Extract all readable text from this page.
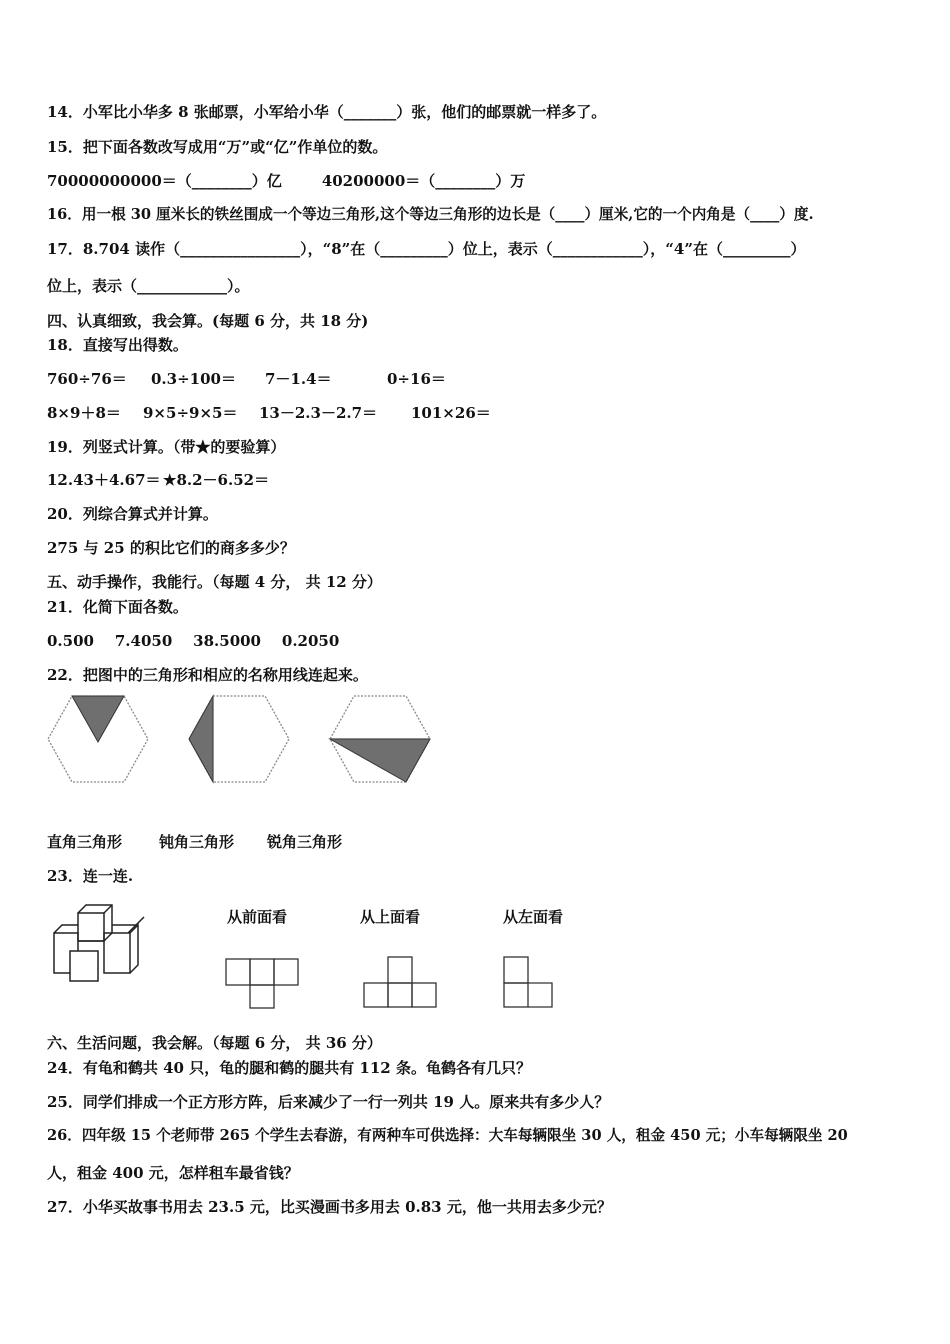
14．小军比小华多 8 张邮票，小军给小华（_______）张，他们的邮票就一样多了。
15．把下面各数改写成用“万”或“亿”作单位的数。
70000000000＝（________）亿	40200000＝（________）万
16．用一根 30 厘米长的铁丝围成一个等边三角形,这个等边三角形的边长是（____）厘米,它的一个内角是（____）度.
17．8.704 读作（________________），“8”在（_________）位上，表示（____________），“4”在（_________）
位上，表示（____________）。
四、认真细致，我会算。(每题 6 分，共 18 分)
18．直接写出得数。
760÷76＝ 0.3÷100＝ 7－1.4＝	0÷16＝
8×9＋8＝ 9×5÷9×5＝ 13－2.3－2.7＝ 101×26＝
19．列竖式计算。（带★的要验算）
12.43＋4.67＝ ★8.2－6.52＝
20．列综合算式并计算。
275 与 25 的积比它们的商多多少？
五、动手操作，我能行。（每题 4 分， 共 12 分）
21．化简下面各数。
0.500    7.4050    38.5000    0.2050
22．把图中的三角形和相应的名称用线连起来。
直角三角形 钝角三角形 锐角三角形
23．连一连.
从前面看	从上面看	从左面看
六、生活问题，我会解。（每题 6 分， 共 36 分）
24．有龟和鹤共 40 只，龟的腿和鹤的腿共有 112 条。龟鹤各有几只？
25．同学们排成一个正方形方阵，后来减少了一行一列共 19 人。原来共有多少人？
26．四年级 15 个老师带 265 个学生去春游，有两种车可供选择：大车每辆限坐 30 人，租金 450 元；小车每辆限坐 20
人，租金 400 元，怎样租车最省钱？
27．小华买故事书用去 23.5 元，比买漫画书多用去 0.83 元，他一共用去多少元？
